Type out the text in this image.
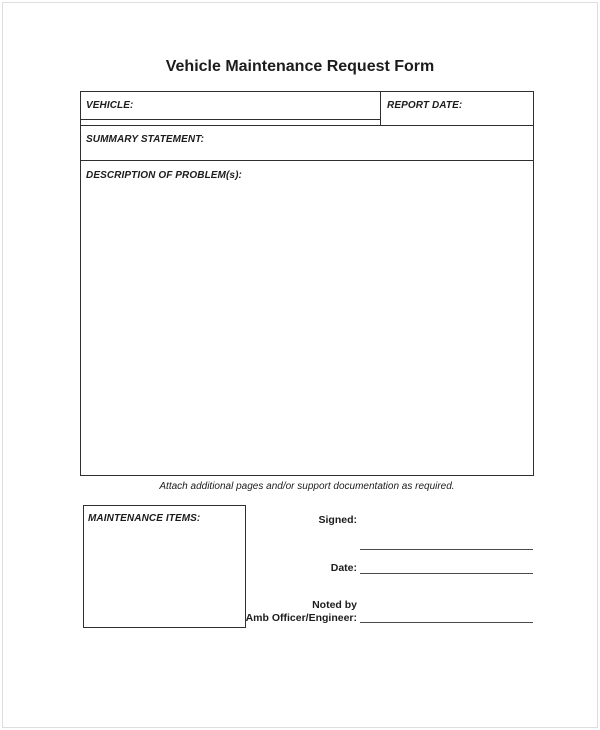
Vehicle Maintenance Request Form
VEHICLE:	REPORT DATE:
SUMMARY STATEMENT:
DESCRIPTION OF PROBLEM(s):
Attach additional pages and/or support documentation as required.
MAINTENANCE ITEMS:	Signed:
Date:
Noted by
Amb Officer/Engineer:
